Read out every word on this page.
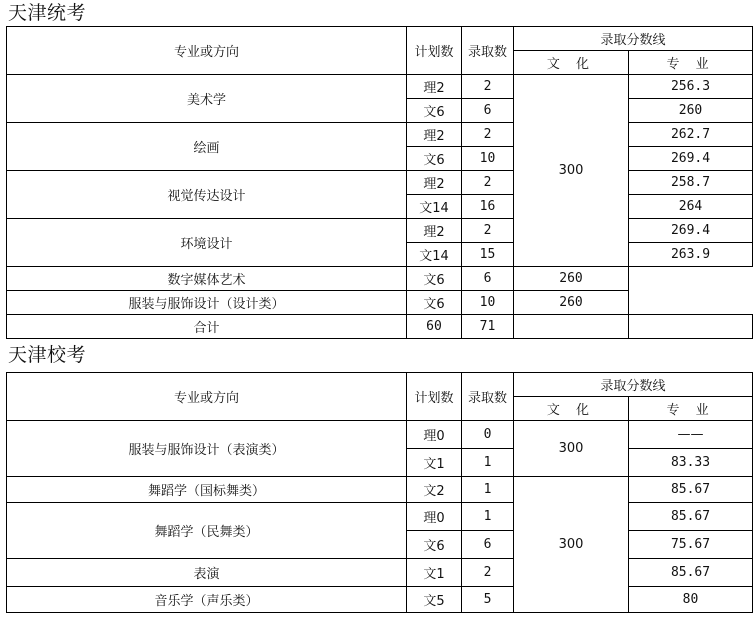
天津统考
专业或方向	计划数	录取数	录取分数线	
			文 化	专 业
美术学	理2	2	300	256.3
	文6	6		260
绘画	理2	2		262.7
	文6	10		269.4
视觉传达设计	理2	2		258.7
	文14	16		264
环境设计	理2	2		269.4
	文14	15		263.9
数字媒体艺术	文6	6	260	
服装与服饰设计（设计类）	文6	10	260	
合计	60	71		
天津校考
专业或方向	计划数	录取数	录取分数线	
			文 化	专 业
服装与服饰设计（表演类）	理0	0	300	——
	文1	1		83.33
舞蹈学（国标舞类）	文2	1	300	85.67
舞蹈学（民舞类）	理0	1		85.67
	文6	6		75.67
表演	文1	2		85.67
音乐学（声乐类）	文5	5		80
